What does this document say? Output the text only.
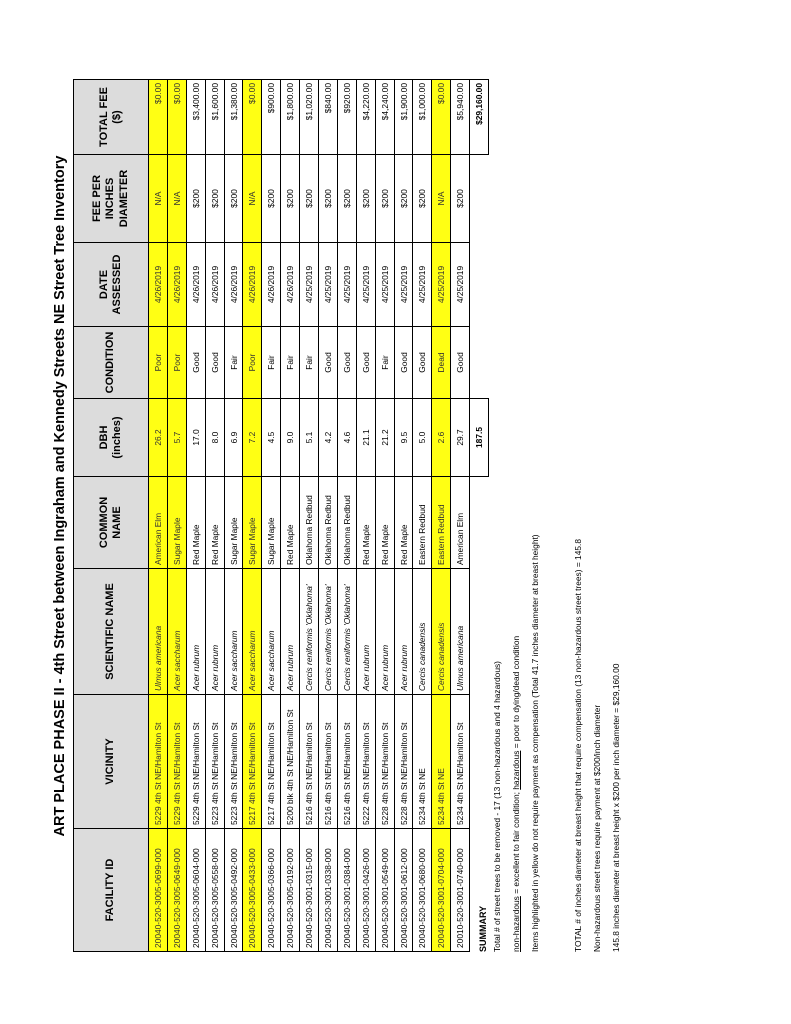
ART PLACE PHASE II - 4th Street between Ingraham and Kennedy Streets NE Street Tree Inventory
FACILITY ID	VICINITY	SCIENTIFIC NAME	COMMON NAME	DBH (inches)	CONDITION	DATE ASSESSED	FEE PER INCHES DIAMETER	TOTAL FEE ($)
20040-520-3005-0699-000	5229 4th St NE/Hamilton St	Ulmus americana	American Elm	26.2	Poor	4/26/2019	N/A	$0.00
20040-520-3005-0649-000	5229 4th St NE/Hamilton St	Acer saccharum	Sugar Maple	5.7	Poor	4/26/2019	N/A	$0.00
20040-520-3005-0604-000	5229 4th St NE/Hamilton St	Acer rubrum	Red Maple	17.0	Good	4/26/2019	$200	$3,400.00
20040-520-3005-0558-000	5223 4th St NE/Hamilton St	Acer rubrum	Red Maple	8.0	Good	4/26/2019	$200	$1,600.00
20040-520-3005-0492-000	5223 4th St NE/Hamilton St	Acer saccharum	Sugar Maple	6.9	Fair	4/26/2019	$200	$1,380.00
20040-520-3005-0433-000	5217 4th St NE/Hamilton St	Acer saccharum	Sugar Maple	7.2	Poor	4/26/2019	N/A	$0.00
20040-520-3005-0366-000	5217 4th St NE/Hamilton St	Acer saccharum	Sugar Maple	4.5	Fair	4/26/2019	$200	$900.00
20040-520-3005-0192-000	5200 blk 4th St NE/Hamilton St	Acer rubrum	Red Maple	9.0	Fair	4/26/2019	$200	$1,800.00
20040-520-3001-0315-000	5216 4th St NE/Hamilton St	Cercis reniformis 'Oklahoma'	Oklahoma Redbud	5.1	Fair	4/25/2019	$200	$1,020.00
20040-520-3001-0338-000	5216 4th St NE/Hamilton St	Cercis reniformis 'Oklahoma'	Oklahoma Redbud	4.2	Good	4/25/2019	$200	$840.00
20040-520-3001-0384-000	5216 4th St NE/Hamilton St	Cercis reniformis 'Oklahoma'	Oklahoma Redbud	4.6	Good	4/25/2019	$200	$920.00
20040-520-3001-0426-000	5222 4th St NE/Hamilton St	Acer rubrum	Red Maple	21.1	Good	4/25/2019	$200	$4,220.00
20040-520-3001-0549-000	5228 4th St NE/Hamilton St	Acer rubrum	Red Maple	21.2	Fair	4/25/2019	$200	$4,240.00
20040-520-3001-0612-000	5228 4th St NE/Hamilton St	Acer rubrum	Red Maple	9.5	Good	4/25/2019	$200	$1,900.00
20040-520-3001-0680-000	5234 4th St NE	Cercis canadensis	Eastern Redbud	5.0	Good	4/25/2019	$200	$1,000.00
20040-520-3001-0704-000	5234 4th St NE	Cercis canadensis	Eastern Redbud	2.6	Dead	4/25/2019	N/A	$0.00
20010-520-3001-0740-000	5234 4th St NE/Hamilton St	Ulmus americana	American Elm	29.7	Good	4/25/2019	$200	$5,940.00
				187.5				$29,160.00
SUMMARY Total # of street trees to be removed - 17 (13 non-hazardous and 4 hazardous) non-hazardous = excellent to fair condition; hazardous = poor to dying/dead condition Items highlighted in yellow do not require payment as compensation (Total 41.7 inches diameter at breast height)	TOTAL # of inches diameter at breast height that require compensation (13 non-hazardous street trees) = 145.8 Non-hazardous street trees require payment at $200/inch diameter 145.8 inches diameter at breast height x $200 per inch diameter = $29,160.00
